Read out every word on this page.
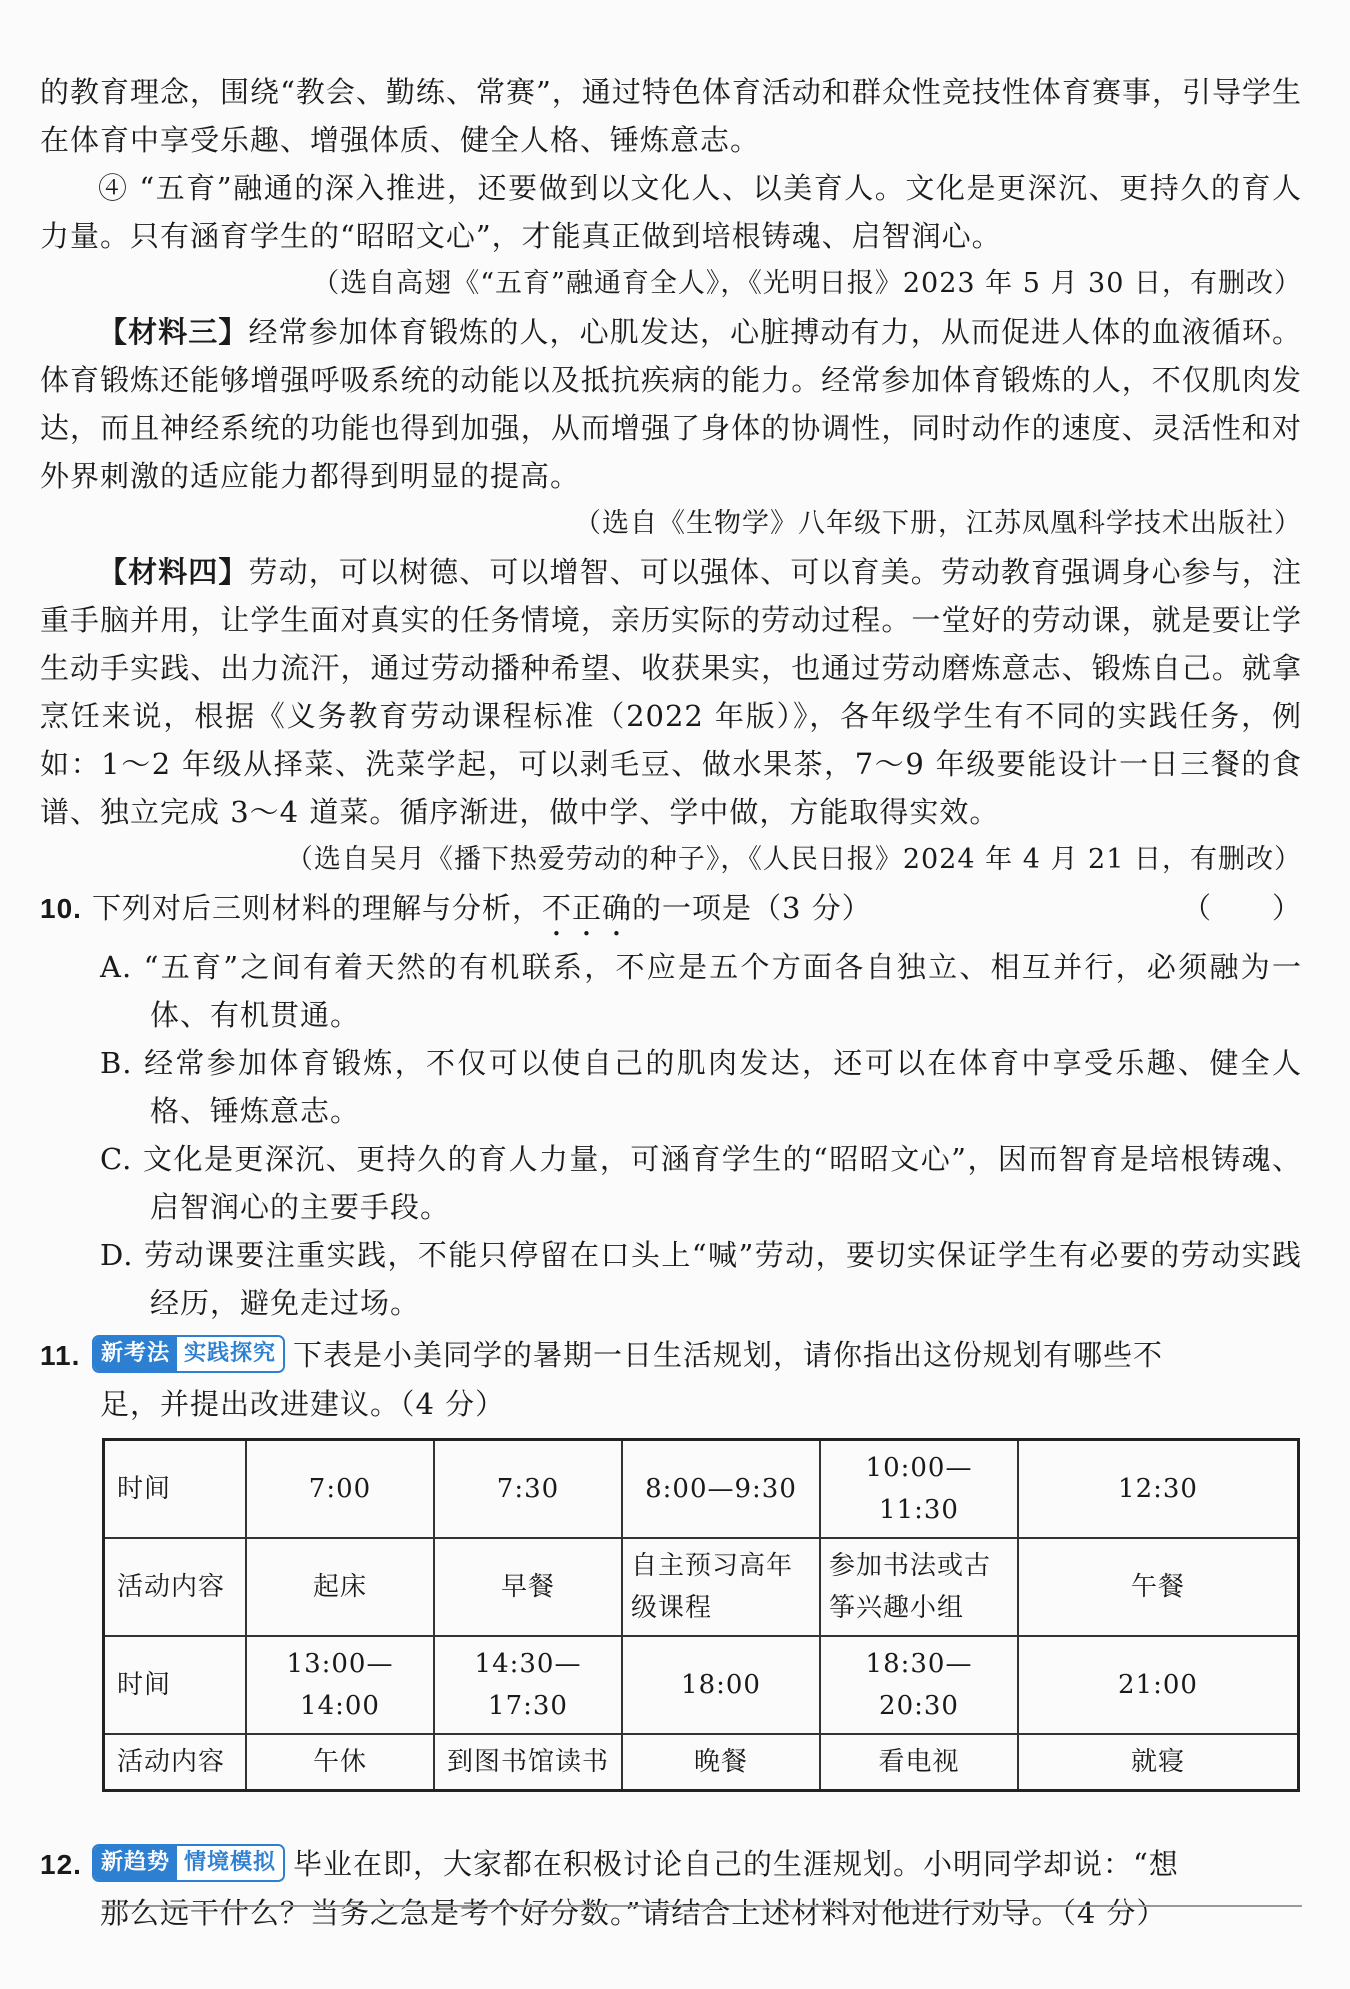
的教育理念，围绕“教会、勤练、常赛”，通过特色体育活动和群众性竞技性体育赛事，引导学生在体育中享受乐趣、增强体质、健全人格、锤炼意志。

④ “五育”融通的深入推进，还要做到以文化人、以美育人。文化是更深沉、更持久的育人力量。只有涵育学生的“昭昭文心”，才能真正做到培根铸魂、启智润心。

（选自高翅《“五育”融通育全人》，《光明日报》2023 年 5 月 30 日，有删改）

【材料三】经常参加体育锻炼的人，心肌发达，心脏搏动有力，从而促进人体的血液循环。体育锻炼还能够增强呼吸系统的动能以及抵抗疾病的能力。经常参加体育锻炼的人，不仅肌肉发达，而且神经系统的功能也得到加强，从而增强了身体的协调性，同时动作的速度、灵活性和对外界刺激的适应能力都得到明显的提高。

（选自《生物学》八年级下册，江苏凤凰科学技术出版社）

【材料四】劳动，可以树德、可以增智、可以强体、可以育美。劳动教育强调身心参与，注重手脑并用，让学生面对真实的任务情境，亲历实际的劳动过程。一堂好的劳动课，就是要让学生动手实践、出力流汗，通过劳动播种希望、收获果实，也通过劳动磨炼意志、锻炼自己。就拿烹饪来说，根据《义务教育劳动课程标准（2022 年版）》，各年级学生有不同的实践任务，例如：1～2 年级从择菜、洗菜学起，可以剥毛豆、做水果茶，7～9 年级要能设计一日三餐的食谱、独立完成 3～4 道菜。循序渐进，做中学、学中做，方能取得实效。

（选自吴月《播下热爱劳动的种子》，《人民日报》2024 年 4 月 21 日，有删改）

10. 下列对后三则材料的理解与分析，不正确的一项是（3 分）	（　　）

A. “五育”之间有着天然的有机联系，不应是五个方面各自独立、相互并行，必须融为一体、有机贯通。

B. 经常参加体育锻炼，不仅可以使自己的肌肉发达，还可以在体育中享受乐趣、健全人格、锤炼意志。

C. 文化是更深沉、更持久的育人力量，可涵育学生的“昭昭文心”，因而智育是培根铸魂、启智润心的主要手段。

D. 劳动课要注重实践，不能只停留在口头上“喊”劳动，要切实保证学生有必要的劳动实践经历，避免走过场。

11. 新考法 实践探究 下表是小美同学的暑期一日生活规划，请你指出这份规划有哪些不

足，并提出改进建议。（4 分）

时间	7:00	7:30	8:00—9:30	10:00—11:30	12:30
活动内容	起床	早餐	自主预习高年级课程	参加书法或古筝兴趣小组	午餐
时间	13:00—14:00	14:30—17:30	18:00	18:30—20:30	21:00
活动内容	午休	到图书馆读书	晚餐	看电视	就寝
12. 新趋势 情境模拟 毕业在即，大家都在积极讨论自己的生涯规划。小明同学却说：“想

那么远干什么？当务之急是考个好分数。”请结合上述材料对他进行劝导。（4 分）
